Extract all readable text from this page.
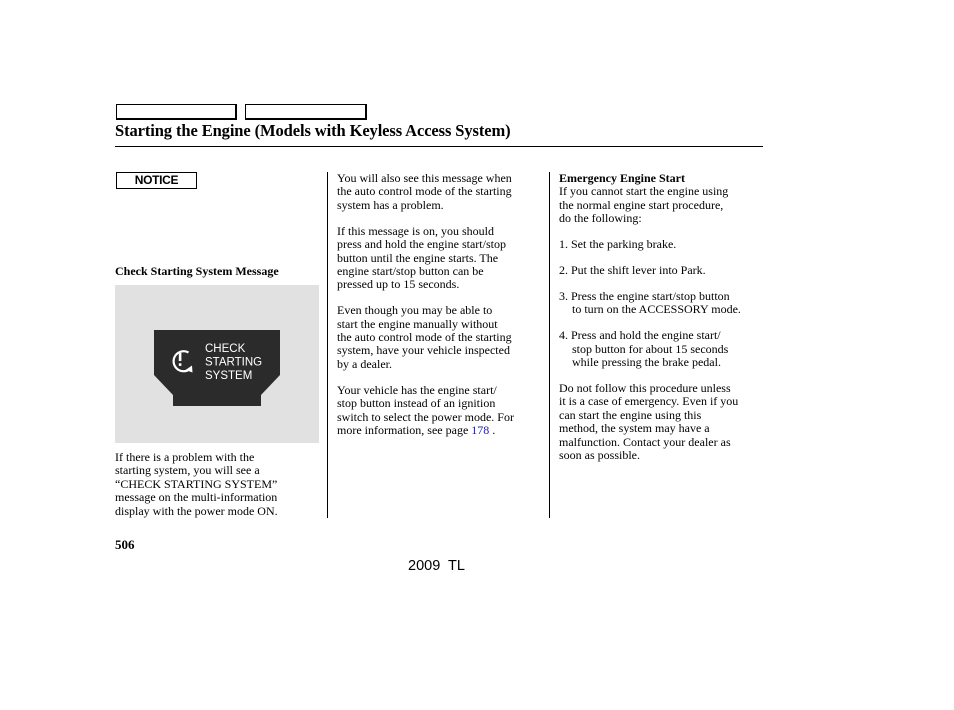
Starting the Engine (Models with Keyless Access System)
NOTICE
Check Starting System Message
CHECK
STARTING
SYSTEM

If there is a problem with the

starting system, you will see a

“CHECK STARTING SYSTEM”

message on the multi-information

display with the power mode ON.

You will also see this message when

the auto control mode of the starting

system has a problem.

If this message is on, you should

press and hold the engine start/stop

button until the engine starts. The

engine start/stop button can be

pressed up to 15 seconds.

Even though you may be able to

start the engine manually without

the auto control mode of the starting

system, have your vehicle inspected

by a dealer.

Your vehicle has the engine start/

stop button instead of an ignition

switch to select the power mode. For

more information, see page 178 .

Emergency Engine Start

If you cannot start the engine using

the normal engine start procedure,

do the following:

1. Set the parking brake.

2. Put the shift lever into Park.

3. Press the engine start/stop button

to turn on the ACCESSORY mode.

4. Press and hold the engine start/

stop button for about 15 seconds

while pressing the brake pedal.

Do not follow this procedure unless

it is a case of emergency. Even if you

can start the engine using this

method, the system may have a

malfunction. Contact your dealer as

soon as possible.

506
2009  TL
